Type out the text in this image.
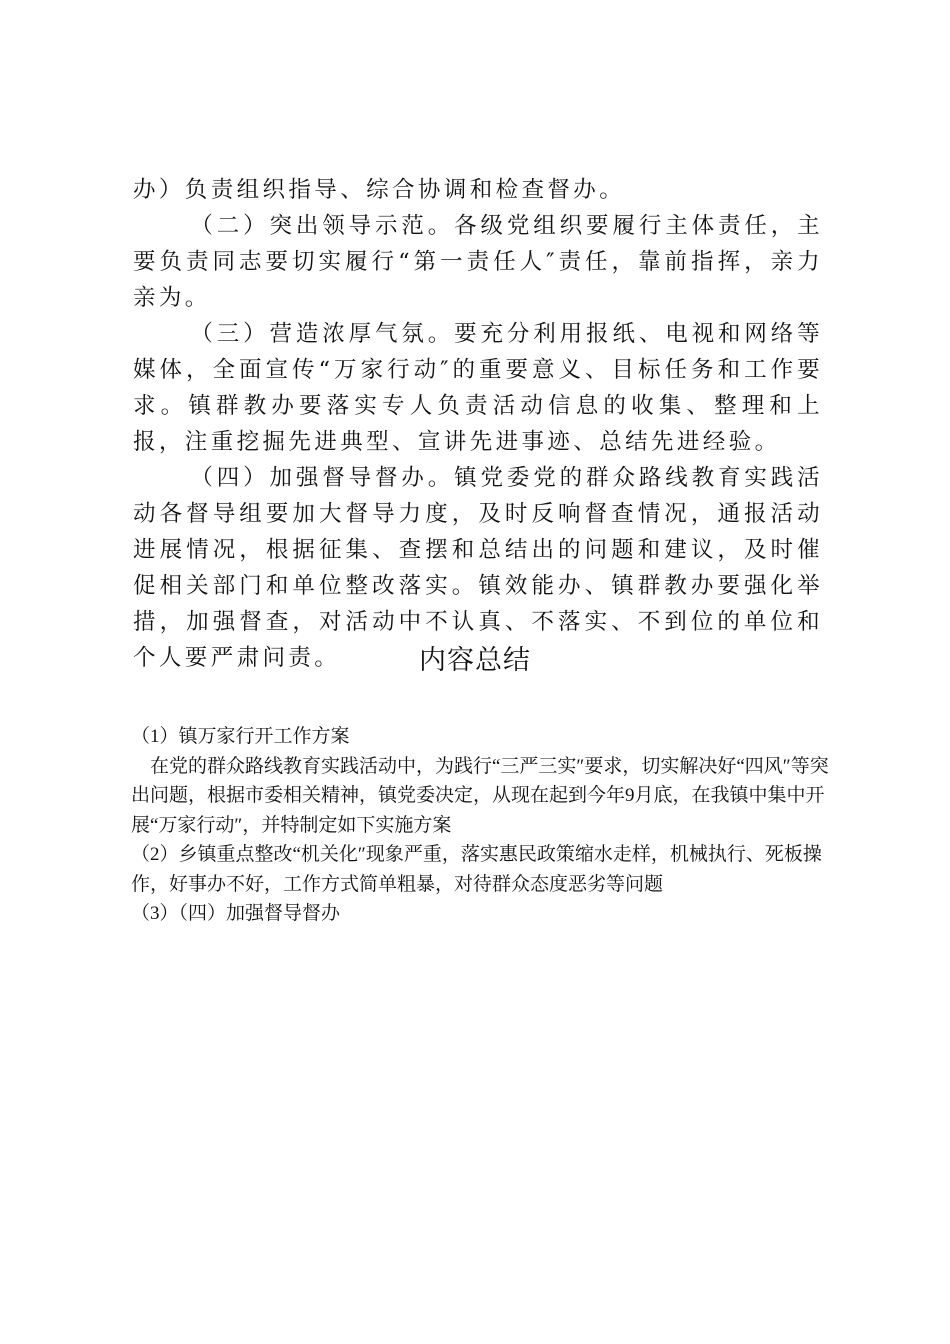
办）负责组织指导、综合协调和检查督办。

（二）突出领导示范。各级党组织要履行主体责任，主要负责同志要切实履行“第一责任人″责任，靠前指挥，亲力亲为。

（三）营造浓厚气氛。要充分利用报纸、电视和网络等媒体，全面宣传“万家行动″的重要意义、目标任务和工作要求。镇群教办要落实专人负责活动信息的收集、整理和上报，注重挖掘先进典型、宣讲先进事迹、总结先进经验。

（四）加强督导督办。镇党委党的群众路线教育实践活动各督导组要加大督导力度，及时反响督查情况，通报活动进展情况，根据征集、查摆和总结出的问题和建议，及时催促相关部门和单位整改落实。镇效能办、镇群教办要强化举措，加强督查，对活动中不认真、不落实、不到位的单位和个人要严肃问责。	内容总结

（1）镇万家行开工作方案

在党的群众路线教育实践活动中，为践行“三严三实″要求，切实解决好“四风″等突出问题，根据市委相关精神，镇党委决定，从现在起到今年9月底，在我镇中集中开展“万家行动″，并特制定如下实施方案

（2）乡镇重点整改“机关化″现象严重，落实惠民政策缩水走样，机械执行、死板操作，好事办不好，工作方式简单粗暴，对待群众态度恶劣等问题

（3）（四）加强督导督办
